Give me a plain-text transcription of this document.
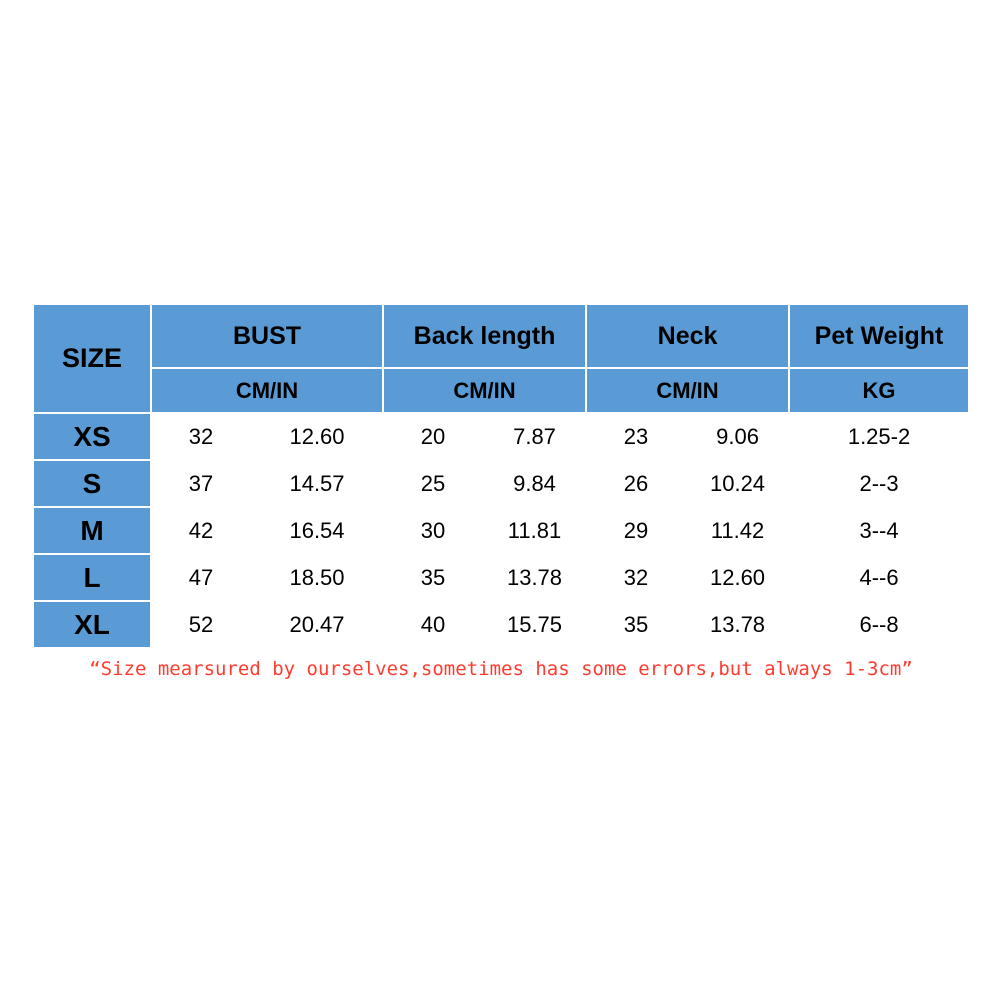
SIZE	BUST		Back length		Neck		Pet Weight
	CM/IN		CM/IN		CM/IN		KG
XS	32	12.60	20	7.87	23	9.06	1.25-2
S	37	14.57	25	9.84	26	10.24	2--3
M	42	16.54	30	11.81	29	11.42	3--4
L	47	18.50	35	13.78	32	12.60	4--6
XL	52	20.47	40	15.75	35	13.78	6--8

“Size mearsured by ourselves,sometimes has some errors,but always 1-3cm”							
